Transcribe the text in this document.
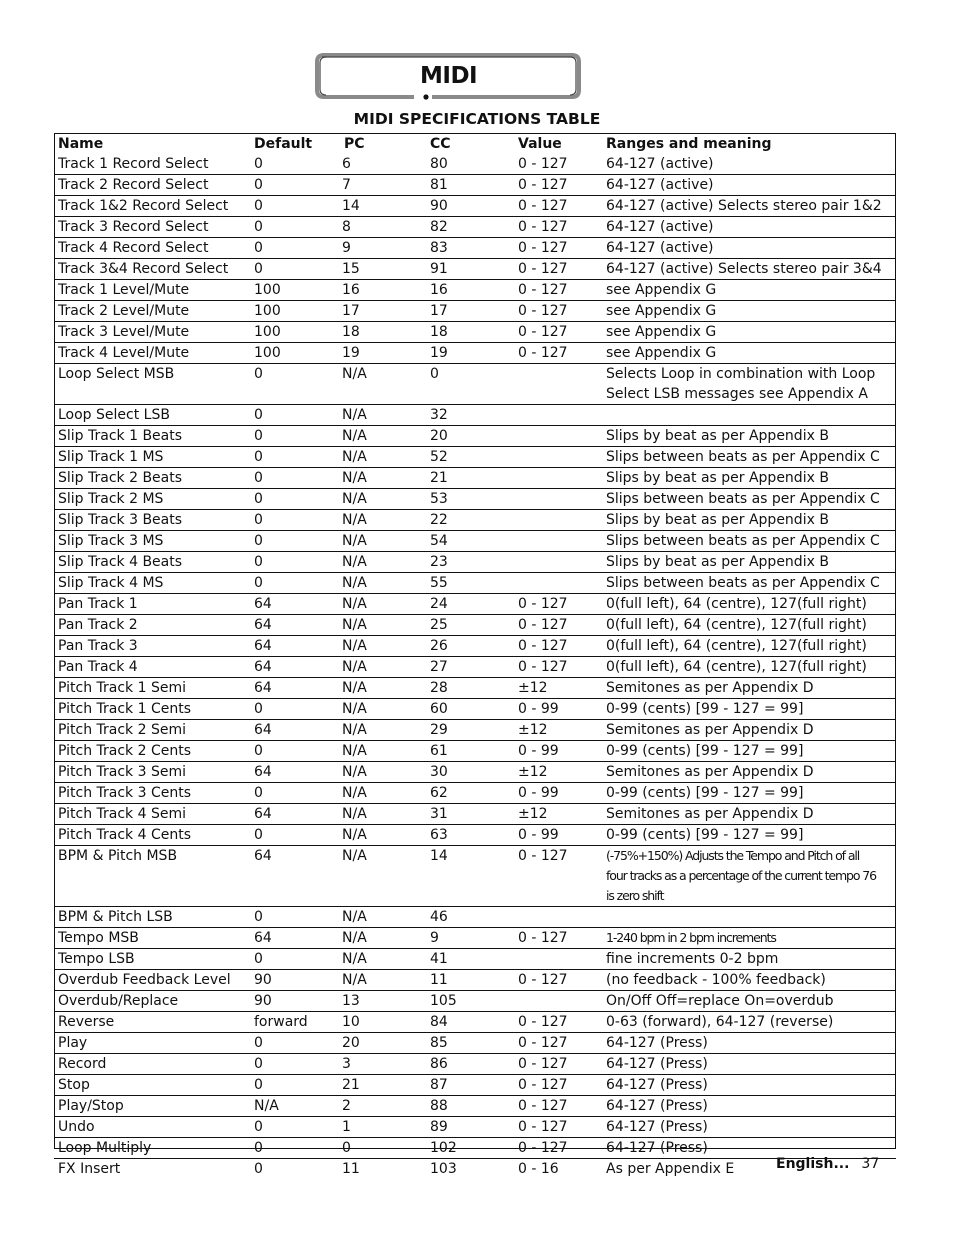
MIDI
MIDI SPECIFICATIONS TABLE
Name	Default	PC	CC	Value	Ranges and meaning
Track 1 Record Select	0	6	80	0 - 127	64-127 (active)
Track 2 Record Select	0	7	81	0 - 127	64-127 (active)
Track 1&2 Record Select	0	14	90	0 - 127	64-127 (active) Selects stereo pair 1&2
Track 3 Record Select	0	8	82	0 - 127	64-127 (active)
Track 4 Record Select	0	9	83	0 - 127	64-127 (active)
Track 3&4 Record Select	0	15	91	0 - 127	64-127 (active) Selects stereo pair 3&4
Track 1 Level/Mute	100	16	16	0 - 127	see Appendix G
Track 2 Level/Mute	100	17	17	0 - 127	see Appendix G
Track 3 Level/Mute	100	18	18	0 - 127	see Appendix G
Track 4 Level/Mute	100	19	19	0 - 127	see Appendix G
Loop Select MSB	0	N/A	0		Selects Loop in combination with Loop
Select LSB messages see Appendix A
Loop Select LSB	0	N/A	32		
Slip Track 1 Beats	0	N/A	20		Slips by beat as per Appendix B
Slip Track 1 MS	0	N/A	52		Slips between beats as per Appendix C
Slip Track 2 Beats	0	N/A	21		Slips by beat as per Appendix B
Slip Track 2 MS	0	N/A	53		Slips between beats as per Appendix C
Slip Track 3 Beats	0	N/A	22		Slips by beat as per Appendix B
Slip Track 3 MS	0	N/A	54		Slips between beats as per Appendix C
Slip Track 4 Beats	0	N/A	23		Slips by beat as per Appendix B
Slip Track 4 MS	0	N/A	55		Slips between beats as per Appendix C
Pan Track 1	64	N/A	24	0 - 127	0(full left), 64 (centre), 127(full right)
Pan Track 2	64	N/A	25	0 - 127	0(full left), 64 (centre), 127(full right)
Pan Track 3	64	N/A	26	0 - 127	0(full left), 64 (centre), 127(full right)
Pan Track 4	64	N/A	27	0 - 127	0(full left), 64 (centre), 127(full right)
Pitch Track 1 Semi	64	N/A	28	±12	Semitones as per Appendix D
Pitch Track 1 Cents	0	N/A	60	0 - 99	0-99 (cents) [99 - 127 = 99]
Pitch Track 2 Semi	64	N/A	29	±12	Semitones as per Appendix D
Pitch Track 2 Cents	0	N/A	61	0 - 99	0-99 (cents) [99 - 127 = 99]
Pitch Track 3 Semi	64	N/A	30	±12	Semitones as per Appendix D
Pitch Track 3 Cents	0	N/A	62	0 - 99	0-99 (cents) [99 - 127 = 99]
Pitch Track 4 Semi	64	N/A	31	±12	Semitones as per Appendix D
Pitch Track 4 Cents	0	N/A	63	0 - 99	0-99 (cents) [99 - 127 = 99]
BPM & Pitch MSB	64	N/A	14	0 - 127	(-75%+150%) Adjusts the Tempo and Pitch of all
four tracks as a percentage of the current tempo 76
is zero shift
BPM & Pitch LSB	0	N/A	46		
Tempo MSB	64	N/A	9	0 - 127	1-240 bpm in 2 bpm increments
Tempo LSB	0	N/A	41		fine increments 0-2 bpm
Overdub Feedback Level	90	N/A	11	0 - 127	(no feedback - 100% feedback)
Overdub/Replace	90	13	105		On/Off Off=replace On=overdub
Reverse	forward	10	84	0 - 127	0-63 (forward), 64-127 (reverse)
Play	0	20	85	0 - 127	64-127 (Press)
Record	0	3	86	0 - 127	64-127 (Press)
Stop	0	21	87	0 - 127	64-127 (Press)
Play/Stop	N/A	2	88	0 - 127	64-127 (Press)
Undo	0	1	89	0 - 127	64-127 (Press)
Loop Multiply	0	0	102	0 - 127	64-127 (Press)
FX Insert	0	11	103	0 - 16	As per Appendix E	English... 37
